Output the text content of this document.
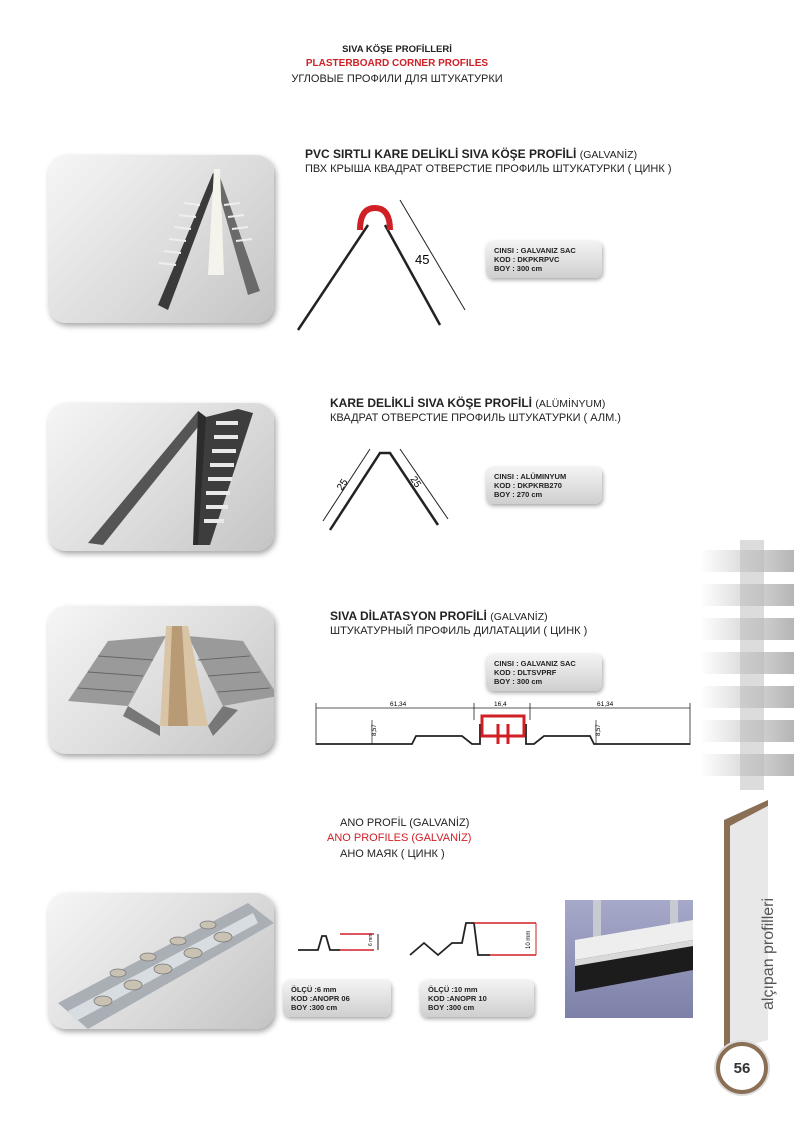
SIVA KÖŞE PROFİLLERİ
PLASTERBOARD CORNER PROFILES
УГЛОВЫЕ ПРОФИЛИ ДЛЯ ШТУКАТУРКИ
PVC SIRTLI KARE DELİKLİ SIVA KÖŞE PROFİLİ (GALVANİZ)
ПВХ КРЫША КВАДРАТ ОТВЕРСТИЕ ПРОФИЛЬ ШТУКАТУРКИ ( ЦИНК )
45
CINSI : GALVANIZ SAC
KOD : DKPKRPVC
BOY : 300 cm
KARE DELİKLİ SIVA KÖŞE PROFİLİ (ALÜMİNYUM)
КВАДРАТ ОТВЕРСТИЕ ПРОФИЛЬ ШТУКАТУРКИ ( АЛМ.)
25	25	CINSI : ALÜMINYUM
KOD : DKPKRB270
BOY : 270 cm
SIVA DİLATASYON PROFİLİ (GALVANİZ)
ШТУКАТУРНЫЙ ПРОФИЛЬ ДИЛАТАЦИИ ( ЦИНК )
CINSI : GALVANIZ SAC
KOD : DLTSVPRF
BOY : 300 cm
61,34	16,4	61,34
8,57	8,57
ANO PROFİL (GALVANİZ)
ANO PROFILES (GALVANİZ)
АНО МАЯК ( ЦИНК )
6 mm	10 mm
ÖLÇÜ :6 mm
KOD :ANOPR 06
BOY :300 cm
ÖLÇÜ :10 mm
KOD :ANOPR 10
BOY :300 cm	alçıpan profilleri
56
